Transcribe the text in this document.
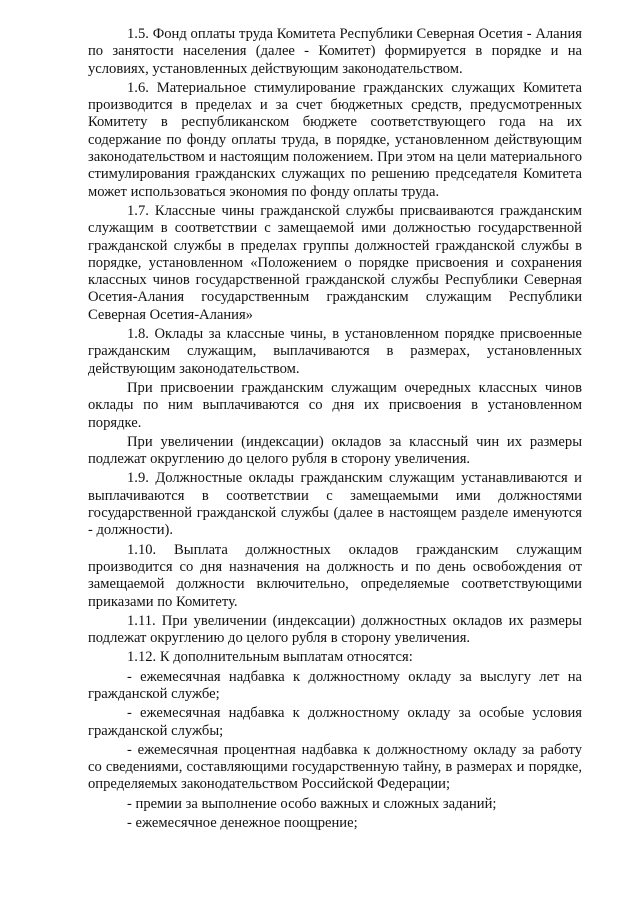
1.5. Фонд оплаты труда Комитета Республики Северная Осетия - Алания по занятости населения (далее - Комитет) формируется в порядке и на условиях, установленных действующим законодательством.

1.6. Материальное стимулирование гражданских служащих Комитета производится в пределах и за счет бюджетных средств, предусмотренных Комитету в республиканском бюджете соответствующего года на их содержание по фонду оплаты труда, в порядке, установленном действующим законодательством и настоящим положением. При этом на цели материального стимулирования гражданских служащих по решению председателя Комитета может использоваться экономия по фонду оплаты труда.

1.7. Классные чины гражданской службы присваиваются гражданским служащим в соответствии с замещаемой ими должностью государственной гражданской службы в пределах группы должностей гражданской службы в порядке, установленном «Положением о порядке присвоения и сохранения классных чинов государственной гражданской службы Республики Северная Осетия-Алания государственным гражданским служащим Республики Северная Осетия-Алания»

1.8. Оклады за классные чины, в установленном порядке присвоенные гражданским служащим, выплачиваются в размерах, установленных действующим законодательством.

При присвоении гражданским служащим очередных классных чинов оклады по ним выплачиваются со дня их присвоения в установленном порядке.

При увеличении (индексации) окладов за классный чин их размеры подлежат округлению до целого рубля в сторону увеличения.

1.9. Должностные оклады гражданским служащим устанавливаются и выплачиваются в соответствии с замещаемыми ими должностями государственной гражданской службы (далее в настоящем разделе именуются - должности).

1.10. Выплата должностных окладов гражданским служащим производится со дня назначения на должность и по день освобождения от замещаемой должности включительно, определяемые соответствующими приказами по Комитету.

1.11. При увеличении (индексации) должностных окладов их размеры подлежат округлению до целого рубля в сторону увеличения.

1.12. К дополнительным выплатам относятся:

- ежемесячная надбавка к должностному окладу за выслугу лет на гражданской службе;

- ежемесячная надбавка к должностному окладу за особые условия гражданской службы;

- ежемесячная процентная надбавка к должностному окладу за работу со сведениями, составляющими государственную тайну, в размерах и порядке, определяемых законодательством Российской Федерации;

- премии за выполнение особо важных и сложных заданий;

- ежемесячное денежное поощрение;
